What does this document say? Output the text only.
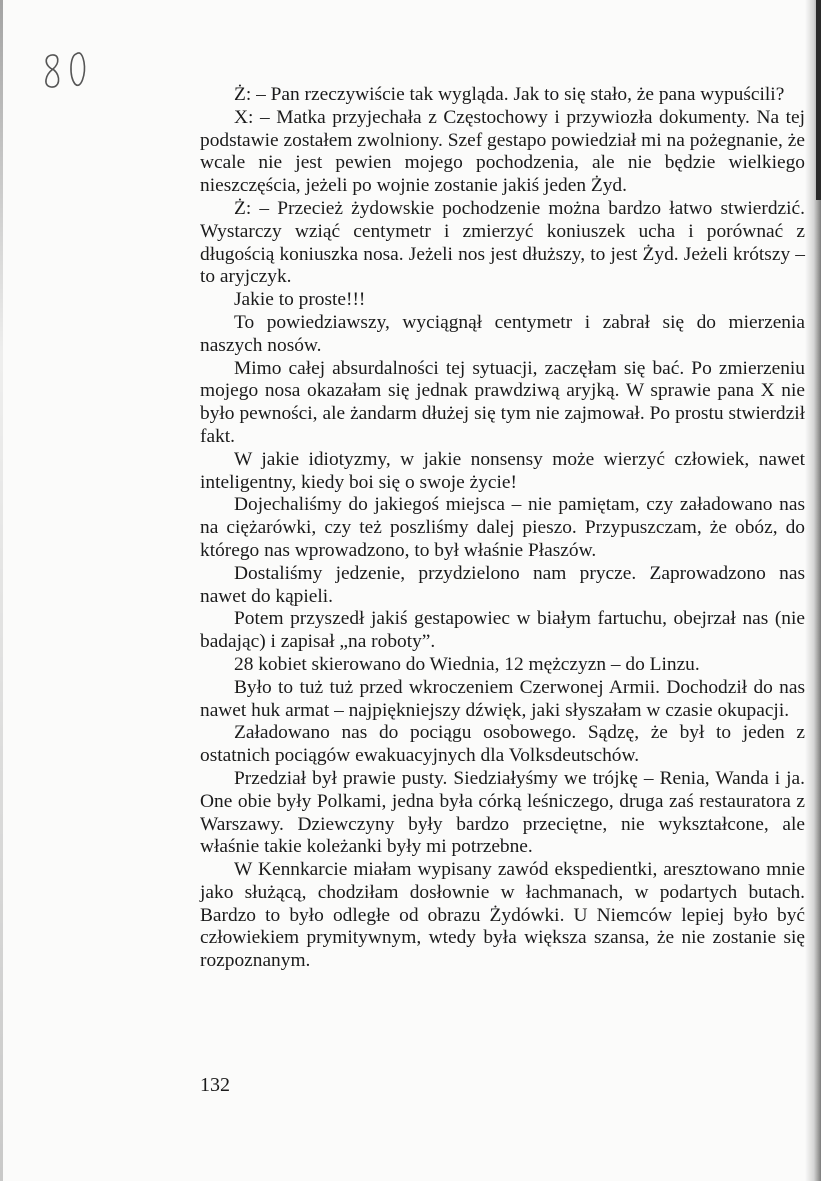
Ż: – Pan rzeczywiście tak wygląda. Jak to się stało, że pana wypuścili?

X: – Matka przyjechała z Częstochowy i przywiozła dokumenty. Na tej podstawie zostałem zwolniony. Szef gestapo powiedział mi na pożegnanie, że wcale nie jest pewien mojego pochodzenia, ale nie będzie wielkiego nieszczęścia, jeżeli po wojnie zostanie jakiś jeden Żyd.

Ż: – Przecież żydowskie pochodzenie można bardzo łatwo stwierdzić. Wystarczy wziąć centymetr i zmierzyć koniuszek ucha i porównać z długością koniuszka nosa. Jeżeli nos jest dłuższy, to jest Żyd. Jeżeli krótszy – to aryjczyk.

Jakie to proste!!!

To powiedziawszy, wyciągnął centymetr i zabrał się do mierzenia naszych nosów.

Mimo całej absurdalności tej sytuacji, zaczęłam się bać. Po zmierzeniu mojego nosa okazałam się jednak prawdziwą aryjką. W sprawie pana X nie było pewności, ale żandarm dłużej się tym nie zajmował. Po prostu stwierdził fakt.

W jakie idiotyzmy, w jakie nonsensy może wierzyć człowiek, nawet inteligentny, kiedy boi się o swoje życie!

Dojechaliśmy do jakiegoś miejsca – nie pamiętam, czy załadowano nas na ciężarówki, czy też poszliśmy dalej pieszo. Przypuszczam, że obóz, do którego nas wprowadzono, to był właśnie Płaszów.

Dostaliśmy jedzenie, przydzielono nam prycze. Zaprowadzono nas nawet do kąpieli.

Potem przyszedł jakiś gestapowiec w białym fartuchu, obejrzał nas (nie badając) i zapisał „na roboty”.

28 kobiet skierowano do Wiednia, 12 mężczyzn – do Linzu.

Było to tuż tuż przed wkroczeniem Czerwonej Armii. Dochodził do nas nawet huk armat – najpiękniejszy dźwięk, jaki słyszałam w czasie okupacji.

Załadowano nas do pociągu osobowego. Sądzę, że był to jeden z ostatnich pociągów ewakuacyjnych dla Volksdeutschów.

Przedział był prawie pusty. Siedziałyśmy we trójkę – Renia, Wanda i ja. One obie były Polkami, jedna była córką leśniczego, druga zaś restauratora z Warszawy. Dziewczyny były bardzo przeciętne, nie wykształcone, ale właśnie takie koleżanki były mi potrzebne.

W Kennkarcie miałam wypisany zawód ekspedientki, aresztowano mnie jako służącą, chodziłam dosłownie w łachmanach, w podartych butach. Bardzo to było odległe od obrazu Żydówki. U Niemców lepiej było być człowiekiem prymitywnym, wtedy była większa szansa, że nie zostanie się rozpoznanym.

132
